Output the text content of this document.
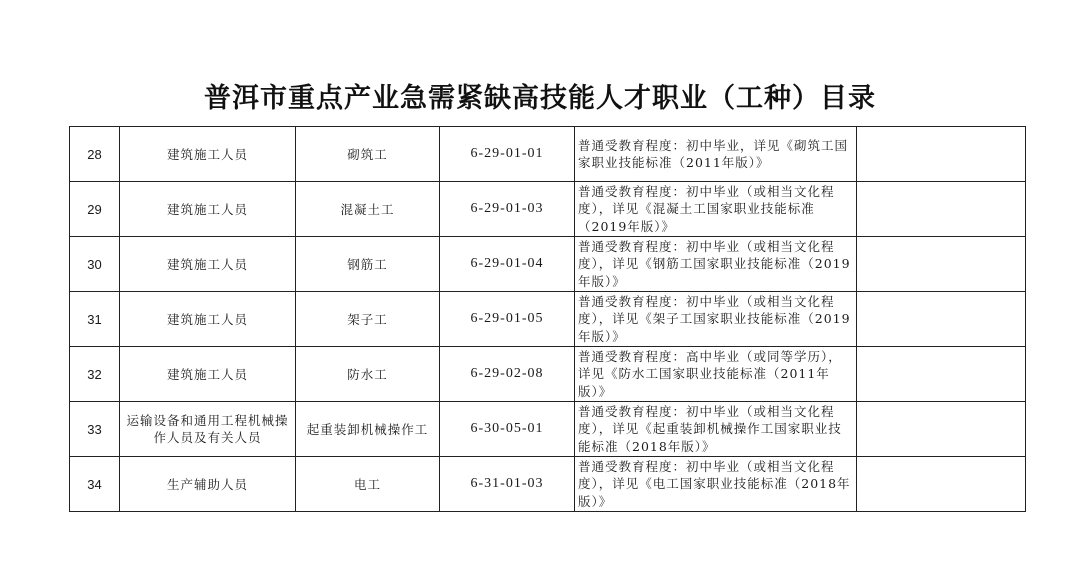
普洱市重点产业急需紧缺高技能人才职业（工种）目录
28	建筑施工人员	砌筑工	6-29-01-01	普通受教育程度：初中毕业，详见《砌筑工国家职业技能标准（2011年版）》	
29	建筑施工人员	混凝土工	6-29-01-03	普通受教育程度：初中毕业（或相当文化程度），详见《混凝土工国家职业技能标准（2019年版）》	
30	建筑施工人员	钢筋工	6-29-01-04	普通受教育程度：初中毕业（或相当文化程度），详见《钢筋工国家职业技能标准（2019年版）》	
31	建筑施工人员	架子工	6-29-01-05	普通受教育程度：初中毕业（或相当文化程度），详见《架子工国家职业技能标准（2019年版）》	
32	建筑施工人员	防水工	6-29-02-08	普通受教育程度：高中毕业（或同等学历），详见《防水工国家职业技能标准（2011年版）》	
33	运输设备和通用工程机械操作人员及有关人员	起重装卸机械操作工	6-30-05-01	普通受教育程度：初中毕业（或相当文化程度），详见《起重装卸机械操作工国家职业技能标准（2018年版）》	
34	生产辅助人员	电工	6-31-01-03	普通受教育程度：初中毕业（或相当文化程度），详见《电工国家职业技能标准（2018年版）》	
